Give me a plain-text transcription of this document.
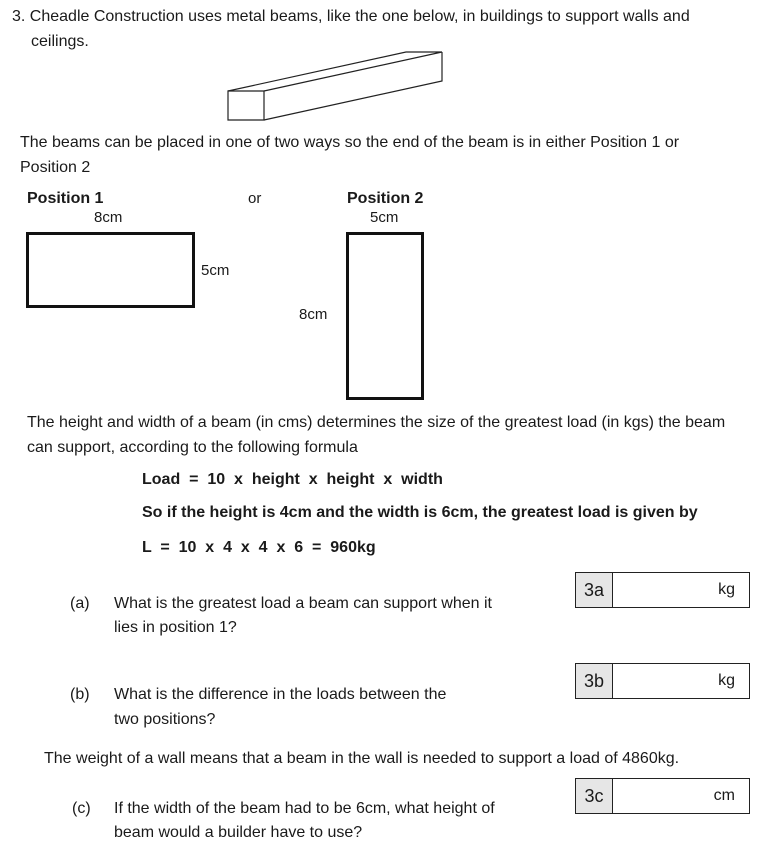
3. Cheadle Construction uses metal beams, like the one below, in buildings to support walls and
ceilings.
The beams can be placed in one of two ways so the end of the beam is in either Position 1 or
Position 2
Position 1
8cm
5cm
or	Position 2
5cm
8cm
The height and width of a beam (in cms) determines the size of the greatest load (in kgs) the beam
can support, according to the following formula
Load  =  10  x  height  x  height  x  width
So if the height is 4cm and the width is 6cm, the greatest load is given by
L  =  10  x  4  x  4  x  6  =  960kg
(a) What is the greatest load a beam can support when it
lies in position 1?
3a	kg
(b) What is the difference in the loads between the
two positions?
3b	kg
The weight of a wall means that a beam in the wall is needed to support a load of 4860kg.
(c) If the width of the beam had to be 6cm, what height of
beam would a builder have to use?
3c	cm
